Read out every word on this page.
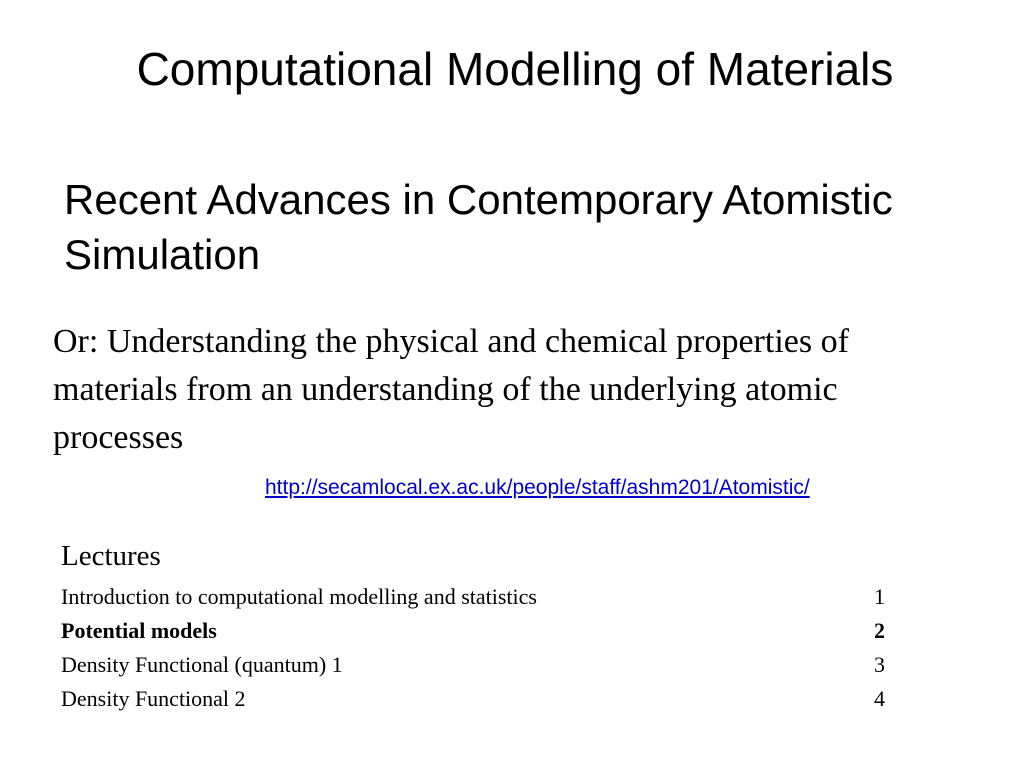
Computational Modelling of Materials
Recent Advances in Contemporary Atomistic Simulation

Or: Understanding the physical and chemical properties of materials from an understanding of the underlying atomic processes

http://secamlocal.ex.ac.uk/people/staff/ashm201/Atomistic/
Lectures
Introduction to computational modelling and statistics	1
Potential models	2
Density Functional (quantum) 1	3
Density Functional 2	4
